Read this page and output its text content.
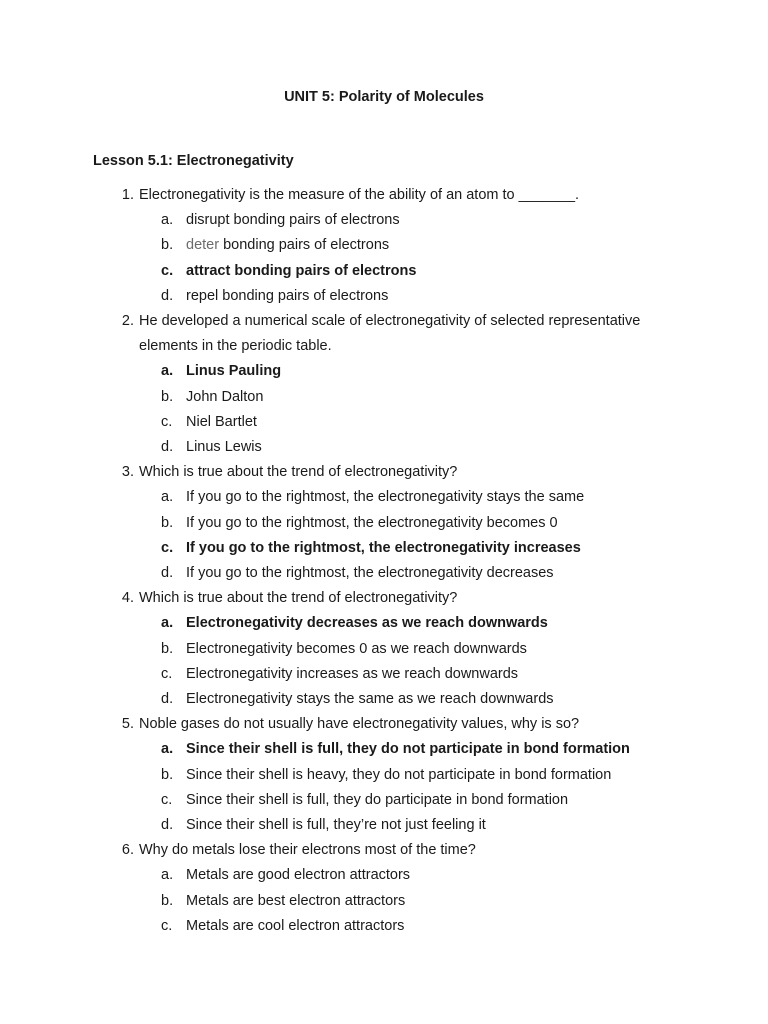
UNIT 5: Polarity of Molecules
Lesson 5.1: Electronegativity
1. Electronegativity is the measure of the ability of an atom to _______.
a. disrupt bonding pairs of electrons
b. deter bonding pairs of electrons
c. attract bonding pairs of electrons
d. repel bonding pairs of electrons
2. He developed a numerical scale of electronegativity of selected representative elements in the periodic table.
a. Linus Pauling
b. John Dalton
c. Niel Bartlet
d. Linus Lewis
3. Which is true about the trend of electronegativity?
a. If you go to the rightmost, the electronegativity stays the same
b. If you go to the rightmost, the electronegativity becomes 0
c. If you go to the rightmost, the electronegativity increases
d. If you go to the rightmost, the electronegativity decreases
4. Which is true about the trend of electronegativity?
a. Electronegativity decreases as we reach downwards
b. Electronegativity becomes 0 as we reach downwards
c. Electronegativity increases as we reach downwards
d. Electronegativity stays the same as we reach downwards
5. Noble gases do not usually have electronegativity values, why is so?
a. Since their shell is full, they do not participate in bond formation
b. Since their shell is heavy, they do not participate in bond formation
c. Since their shell is full, they do participate in bond formation
d. Since their shell is full, they’re not just feeling it
6. Why do metals lose their electrons most of the time?
a. Metals are good electron attractors
b. Metals are best electron attractors
c. Metals are cool electron attractors
